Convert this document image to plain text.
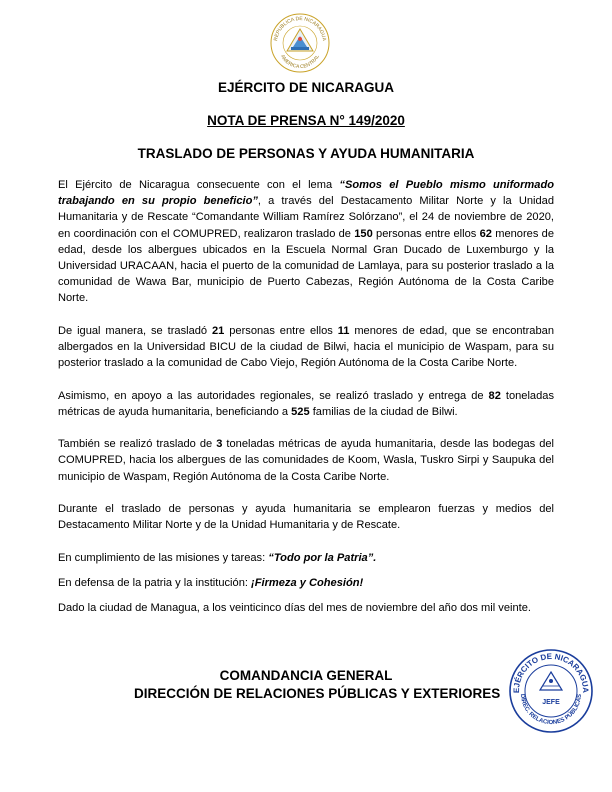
REPUBLICA DE NICARAGUA
AMERICA CENTRAL
EJÉRCITO DE NICARAGUA
NOTA DE PRENSA N° 149/2020
TRASLADO DE PERSONAS Y AYUDA HUMANITARIA

El Ejército de Nicaragua consecuente con el lema “Somos el Pueblo mismo uniformado trabajando en su propio beneficio”, a través del Destacamento Militar Norte y la Unidad Humanitaria y de Rescate “Comandante William Ramírez Solórzano”, el 24 de noviembre de 2020, en coordinación con el COMUPRED, realizaron traslado de 150 personas entre ellos 62 menores de edad, desde los albergues ubicados en la Escuela Normal Gran Ducado de Luxemburgo y la Universidad URACAAN, hacia el puerto de la comunidad de Lamlaya, para su posterior traslado a la comunidad de Wawa Bar, municipio de Puerto Cabezas, Región Autónoma de la Costa Caribe Norte.

De igual manera, se trasladó 21 personas entre ellos 11 menores de edad, que se encontraban albergados en la Universidad BICU de la ciudad de Bilwi, hacia el municipio de Waspam, para su posterior traslado a la comunidad de Cabo Viejo, Región Autónoma de la Costa Caribe Norte.

Asimismo, en apoyo a las autoridades regionales, se realizó traslado y entrega de 82 toneladas métricas de ayuda humanitaria, beneficiando a 525 familias de la ciudad de Bilwi.

También se realizó traslado de 3 toneladas métricas de ayuda humanitaria, desde las bodegas del COMUPRED, hacia los albergues de las comunidades de Koom, Wasla, Tuskro Sirpi y Saupuka del municipio de Waspam, Región Autónoma de la Costa Caribe Norte.

Durante el traslado de personas y ayuda humanitaria se emplearon fuerzas y medios del Destacamento Militar Norte y de la Unidad Humanitaria y de Rescate.

En cumplimiento de las misiones y tareas: “Todo por la Patria”.

En defensa de la patria y la institución: ¡Firmeza y Cohesión!

Dado la ciudad de Managua, a los veinticinco días del mes de noviembre del año dos mil veinte.

COMANDANCIA GENERAL
DIRECCIÓN DE RELACIONES PÚBLICAS Y EXTERIORES EJÉRCITO DE NICARAGUA
DIREC. RELACIONES PÚBLICAS
JEFE
